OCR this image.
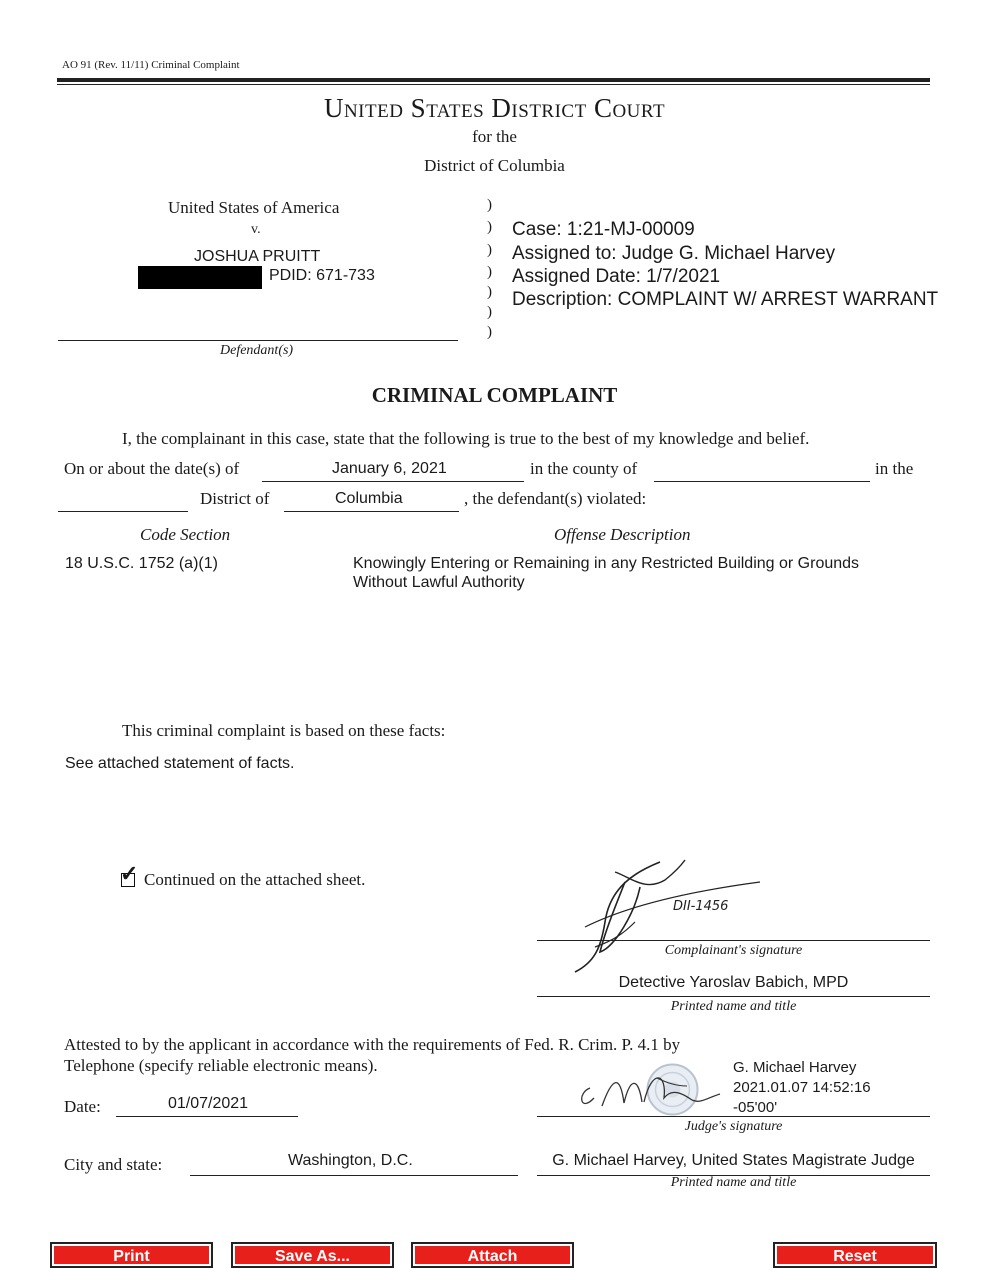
AO 91 (Rev. 11/11) Criminal Complaint
United States District Court
for the
District of Columbia
United States of America
v.
JOSHUA PRUITT
PDID: 671-733
Defendant(s)
)
)
)
)
)
)
)
Case: 1:21-MJ-00009
Assigned to: Judge G. Michael Harvey
Assigned Date: 1/7/2021
Description: COMPLAINT W/ ARREST WARRANT
CRIMINAL COMPLAINT
I, the complainant in this case, state that the following is true to the best of my knowledge and belief.
On or about the date(s) of	January 6, 2021	in the county of	in the
District of	Columbia	, the defendant(s) violated:
Code Section	Offense Description
18 U.S.C. 1752 (a)(1)	Knowingly Entering or Remaining in any Restricted Building or Grounds
Without Lawful Authority
This criminal complaint is based on these facts:
See attached statement of facts.
✓ Continued on the attached sheet.
DII-1456
Complainant's signature
Detective Yaroslav Babich, MPD
Printed name and title
Attested to by the applicant in accordance with the requirements of Fed. R. Crim. P. 4.1 by
Telephone (specify reliable electronic means).
Date:	01/07/2021
G. Michael Harvey
2021.01.07 14:52:16
-05'00'
Judge's signature
City and state:	Washington, D.C.	G. Michael Harvey, United States Magistrate Judge
Printed name and title
Print	Save As...	Attach	Reset
